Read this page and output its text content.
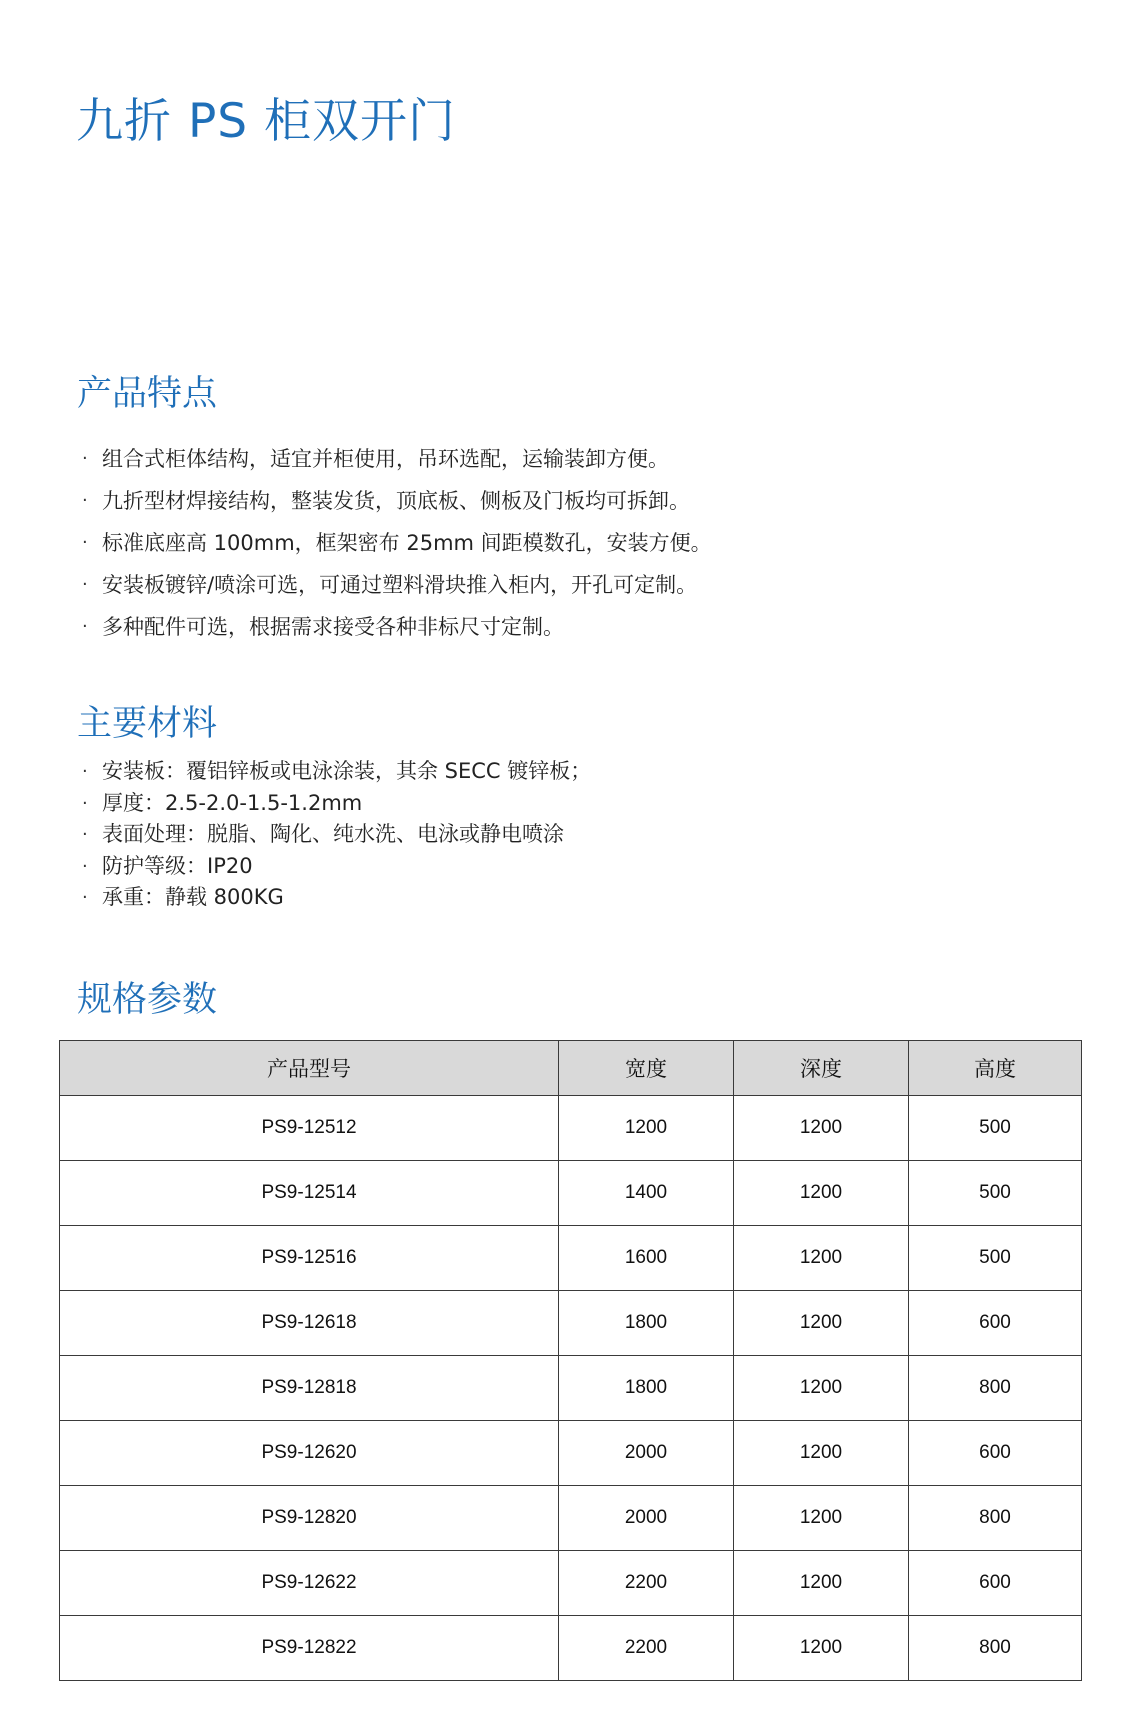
九折 PS 柜双开门
产品特点
· 组合式柜体结构，适宜并柜使用，吊环选配，运输装卸方便。
· 九折型材焊接结构，整装发货，顶底板、侧板及门板均可拆卸。
· 标准底座高 100mm，框架密布 25mm 间距模数孔，安装方便。
· 安装板镀锌/喷涂可选，可通过塑料滑块推入柜内，开孔可定制。
· 多种配件可选，根据需求接受各种非标尺寸定制。
主要材料
· 安装板：覆铝锌板或电泳涂装，其余 SECC 镀锌板；
· 厚度：2.5-2.0-1.5-1.2mm
· 表面处理：脱脂、陶化、纯水洗、电泳或静电喷涂
· 防护等级：IP20
· 承重：静载 800KG
规格参数
产品型号	宽度	深度	高度
PS9-12512	1200	1200	500
PS9-12514	1400	1200	500
PS9-12516	1600	1200	500
PS9-12618	1800	1200	600
PS9-12818	1800	1200	800
PS9-12620	2000	1200	600
PS9-12820	2000	1200	800
PS9-12622	2200	1200	600
PS9-12822	2200	1200	800
